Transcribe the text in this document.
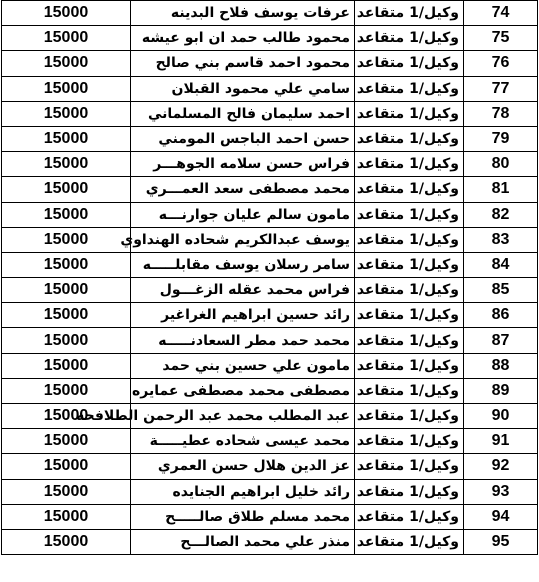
15000	عرفات يوسف فلاح البدينه	وكيل/1 متقاعد	74
15000	محمود طالب حمد ان ابو عيشه	وكيل/1 متقاعد	75
15000	محمود احمد قاسم بني صالح	وكيل/1 متقاعد	76
15000	سامي علي محمود القبلان	وكيل/1 متقاعد	77
15000	احمد سليمان فالح المسلماني	وكيل/1 متقاعد	78
15000	حسن احمد الباجس المومني	وكيل/1 متقاعد	79
15000	فراس حسن سلامه الجوهـــر	وكيل/1 متقاعد	80
15000	محمد مصطفى سعد العمـــري	وكيل/1 متقاعد	81
15000	مامون سالم عليان جوارنـــه	وكيل/1 متقاعد	82
15000	يوسف عبدالكريم شحاده الهنداوي	وكيل/1 متقاعد	83
15000	سامر رسلان يوسف مقابلـــــه	وكيل/1 متقاعد	84
15000	فراس محمد عقله الزغـــول	وكيل/1 متقاعد	85
15000	رائد حسين ابراهيم الغراغير	وكيل/1 متقاعد	86
15000	محمد حمد مطر السعادنـــــه	وكيل/1 متقاعد	87
15000	مامون علي حسين بني حمد	وكيل/1 متقاعد	88
15000	مصطفى محمد مصطفى عمايره	وكيل/1 متقاعد	89
15000	عبد المطلب محمد عبد الرحمن الطلافحه	وكيل/1 متقاعد	90
15000	محمد عيسى شحاده عطيـــــة	وكيل/1 متقاعد	91
15000	عز الدين هلال حسن العمري	وكيل/1 متقاعد	92
15000	رائد خليل ابراهيم الجنايده	وكيل/1 متقاعد	93
15000	محمد مسلم طلاق صالـــــح	وكيل/1 متقاعد	94
15000	منذر علي محمد الصالـــح	وكيل/1 متقاعد	95
